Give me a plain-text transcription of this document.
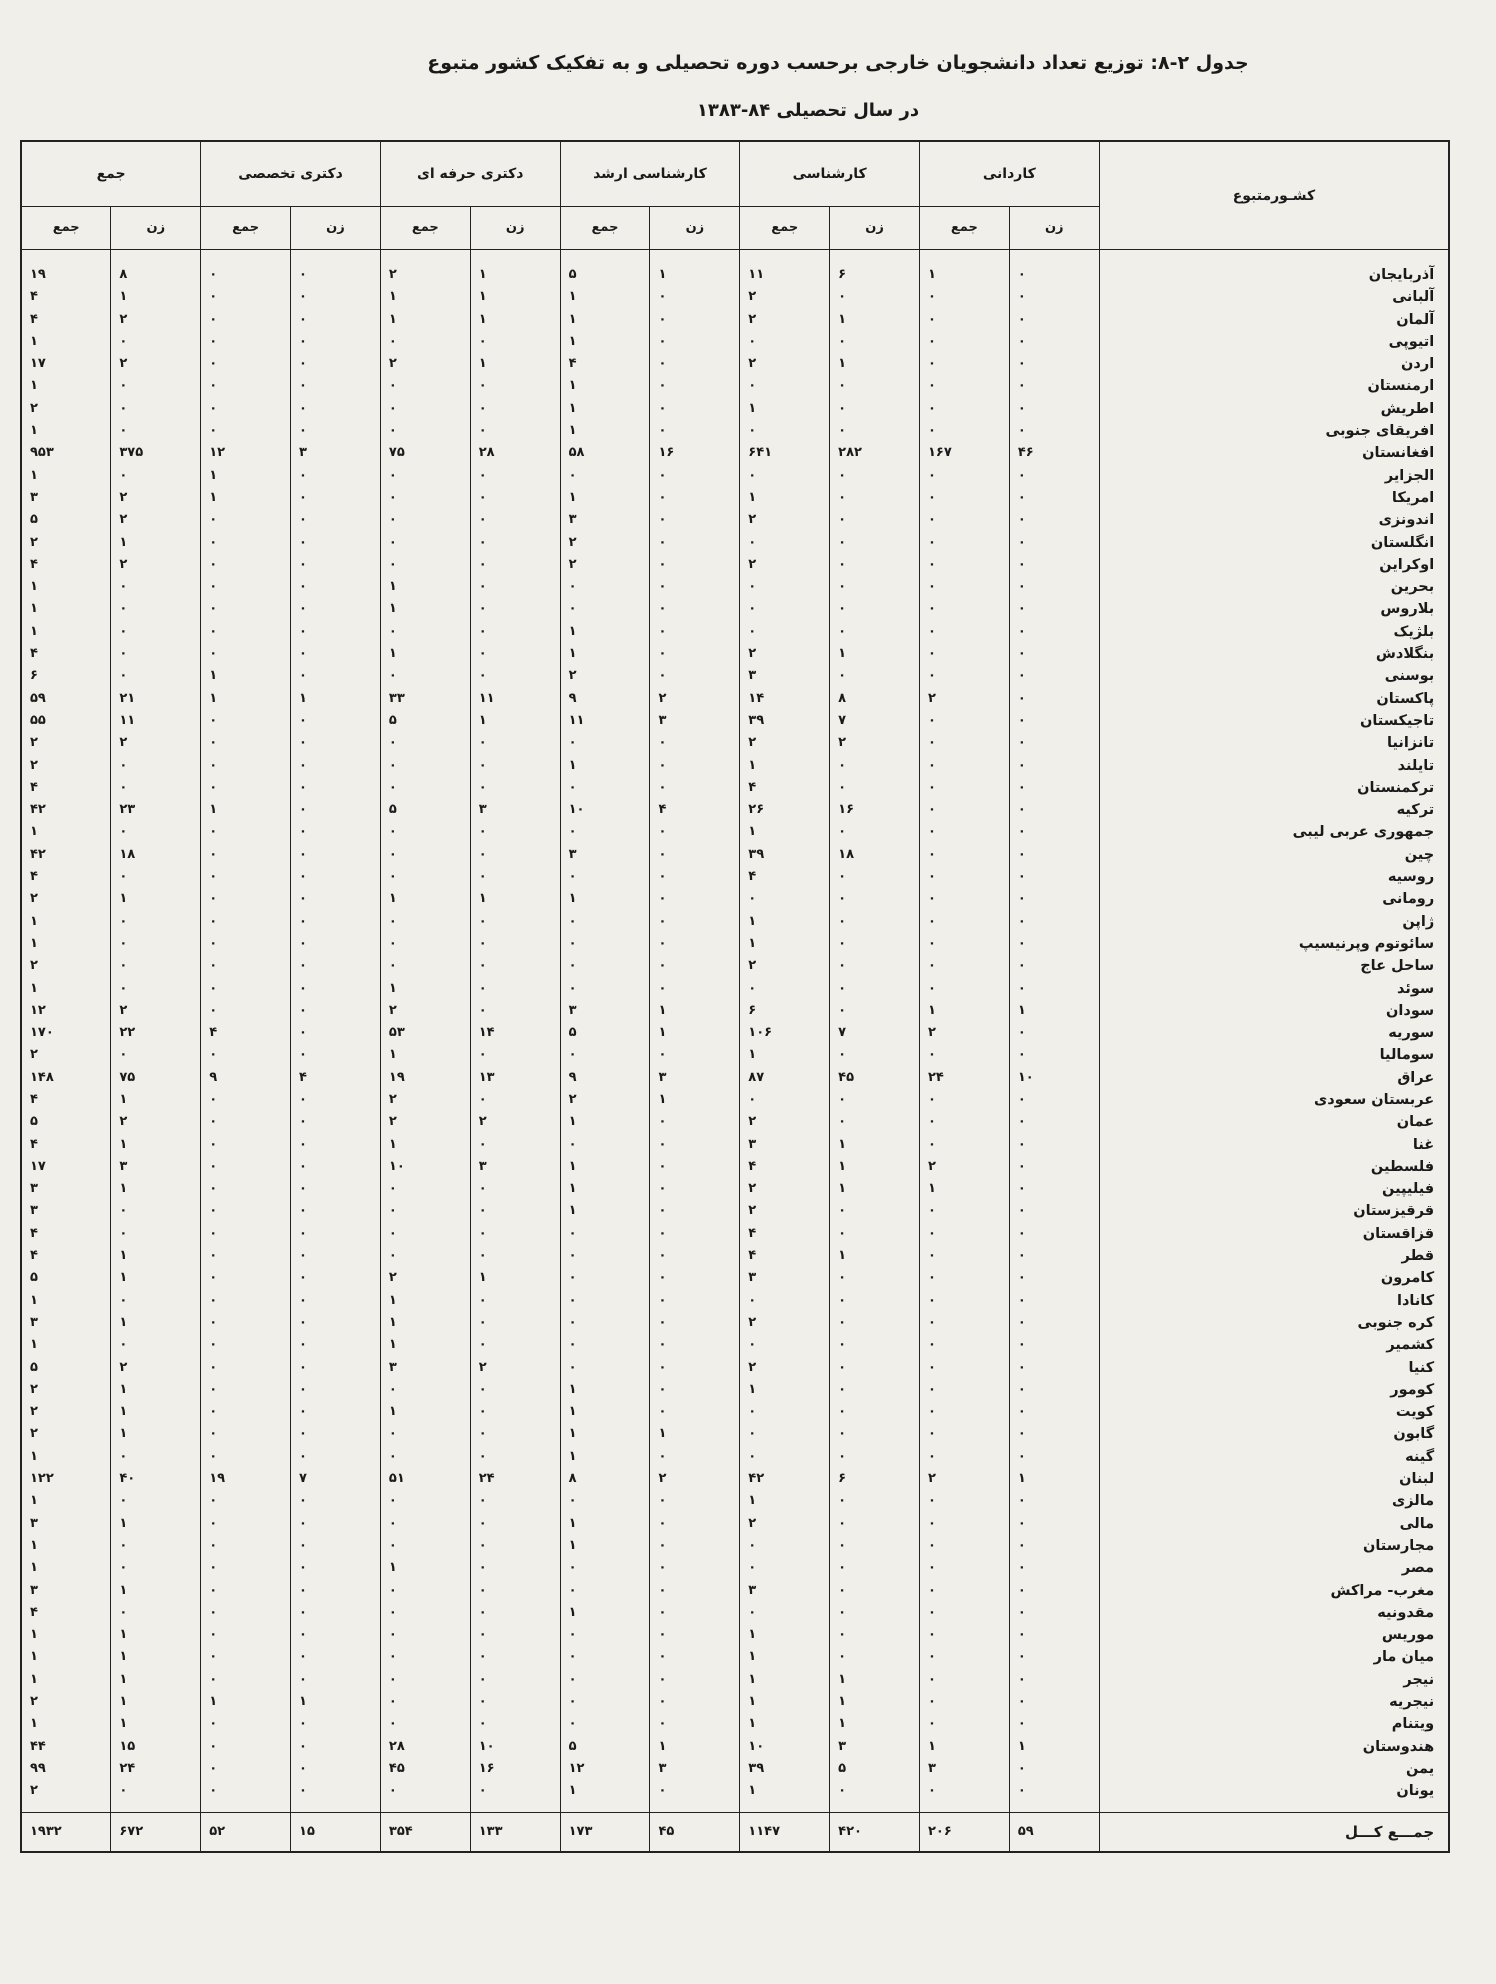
جدول ۲-۸: توزیع تعداد دانشجویان خارجی برحسب دوره تحصیلی و به تفکیک کشور متبوع
در سال تحصیلی ۸۴-۱۳۸۳
کشـورمتبوع	کاردانی		کارشناسی		کارشناسی ارشد		دکتری حرفه ای		دکتری تخصصی		جمع	
	زن	جمع	زن	جمع	زن	جمع	زن	جمع	زن	جمع	زن	جمع
آذربایجان	۰	۱	۶	۱۱	۱	۵	۱	۲	۰	۰	۸	۱۹
آلبانی	۰	۰	۰	۲	۰	۱	۱	۱	۰	۰	۱	۴
آلمان	۰	۰	۱	۲	۰	۱	۱	۱	۰	۰	۲	۴
اتیوپی	۰	۰	۰	۰	۰	۱	۰	۰	۰	۰	۰	۱
اردن	۰	۰	۱	۲	۰	۴	۱	۲	۰	۰	۲	۱۷
ارمنستان	۰	۰	۰	۰	۰	۱	۰	۰	۰	۰	۰	۱
اطریش	۰	۰	۰	۱	۰	۱	۰	۰	۰	۰	۰	۲
افریقای جنوبی	۰	۰	۰	۰	۰	۱	۰	۰	۰	۰	۰	۱
افغانستان	۴۶	۱۶۷	۲۸۲	۶۴۱	۱۶	۵۸	۲۸	۷۵	۳	۱۲	۳۷۵	۹۵۳
الجزایر	۰	۰	۰	۰	۰	۰	۰	۰	۰	۱	۰	۱
امریکا	۰	۰	۰	۱	۰	۱	۰	۰	۰	۱	۲	۳
اندونزی	۰	۰	۰	۲	۰	۳	۰	۰	۰	۰	۲	۵
انگلستان	۰	۰	۰	۰	۰	۲	۰	۰	۰	۰	۱	۲
اوکراین	۰	۰	۰	۲	۰	۲	۰	۰	۰	۰	۲	۴
بحرین	۰	۰	۰	۰	۰	۰	۰	۱	۰	۰	۰	۱
بلاروس	۰	۰	۰	۰	۰	۰	۰	۱	۰	۰	۰	۱
بلژیک	۰	۰	۰	۰	۰	۱	۰	۰	۰	۰	۰	۱
بنگلادش	۰	۰	۱	۲	۰	۱	۰	۱	۰	۰	۰	۴
بوسنی	۰	۰	۰	۳	۰	۲	۰	۰	۰	۱	۰	۶
پاکستان	۰	۲	۸	۱۴	۲	۹	۱۱	۳۳	۱	۱	۲۱	۵۹
تاجیکستان	۰	۰	۷	۳۹	۳	۱۱	۱	۵	۰	۰	۱۱	۵۵
تانزانیا	۰	۰	۲	۲	۰	۰	۰	۰	۰	۰	۲	۲
تایلند	۰	۰	۰	۱	۰	۱	۰	۰	۰	۰	۰	۲
ترکمنستان	۰	۰	۰	۴	۰	۰	۰	۰	۰	۰	۰	۴
ترکیه	۰	۰	۱۶	۲۶	۴	۱۰	۳	۵	۰	۱	۲۳	۴۲
جمهوری عربی لیبی	۰	۰	۰	۱	۰	۰	۰	۰	۰	۰	۰	۱
چین	۰	۰	۱۸	۳۹	۰	۳	۰	۰	۰	۰	۱۸	۴۲
روسیه	۰	۰	۰	۴	۰	۰	۰	۰	۰	۰	۰	۴
رومانی	۰	۰	۰	۰	۰	۱	۱	۱	۰	۰	۱	۲
ژاپن	۰	۰	۰	۱	۰	۰	۰	۰	۰	۰	۰	۱
سائوتوم وپرنیسیپ	۰	۰	۰	۱	۰	۰	۰	۰	۰	۰	۰	۱
ساحل عاج	۰	۰	۰	۲	۰	۰	۰	۰	۰	۰	۰	۲
سوئد	۰	۰	۰	۰	۰	۰	۰	۱	۰	۰	۰	۱
سودان	۱	۱	۰	۶	۱	۳	۰	۲	۰	۰	۲	۱۲
سوریه	۰	۲	۷	۱۰۶	۱	۵	۱۴	۵۳	۰	۴	۲۲	۱۷۰
سومالیا	۰	۰	۰	۱	۰	۰	۰	۱	۰	۰	۰	۲
عراق	۱۰	۲۴	۴۵	۸۷	۳	۹	۱۳	۱۹	۴	۹	۷۵	۱۴۸
عربستان سعودی	۰	۰	۰	۰	۱	۲	۰	۲	۰	۰	۱	۴
عمان	۰	۰	۰	۲	۰	۱	۲	۲	۰	۰	۲	۵
غنا	۰	۰	۱	۳	۰	۰	۰	۱	۰	۰	۱	۴
فلسطین	۰	۲	۱	۴	۰	۱	۳	۱۰	۰	۰	۳	۱۷
فیلیپین	۰	۱	۱	۲	۰	۱	۰	۰	۰	۰	۱	۳
قرقیزستان	۰	۰	۰	۲	۰	۱	۰	۰	۰	۰	۰	۳
قزاقستان	۰	۰	۰	۴	۰	۰	۰	۰	۰	۰	۰	۴
قطر	۰	۰	۱	۴	۰	۰	۰	۰	۰	۰	۱	۴
کامرون	۰	۰	۰	۳	۰	۰	۱	۲	۰	۰	۱	۵
کانادا	۰	۰	۰	۰	۰	۰	۰	۱	۰	۰	۰	۱
کره جنوبی	۰	۰	۰	۲	۰	۰	۰	۱	۰	۰	۱	۳
کشمیر	۰	۰	۰	۰	۰	۰	۰	۱	۰	۰	۰	۱
کنیا	۰	۰	۰	۲	۰	۰	۲	۳	۰	۰	۲	۵
کومور	۰	۰	۰	۱	۰	۱	۰	۰	۰	۰	۱	۲
کویت	۰	۰	۰	۰	۰	۱	۰	۱	۰	۰	۱	۲
گابون	۰	۰	۰	۰	۱	۱	۰	۰	۰	۰	۱	۲
گینه	۰	۰	۰	۰	۰	۱	۰	۰	۰	۰	۰	۱
لبنان	۱	۲	۶	۴۲	۲	۸	۲۴	۵۱	۷	۱۹	۴۰	۱۲۲
مالزی	۰	۰	۰	۱	۰	۰	۰	۰	۰	۰	۰	۱
مالی	۰	۰	۰	۲	۰	۱	۰	۰	۰	۰	۱	۳
مجارستان	۰	۰	۰	۰	۰	۱	۰	۰	۰	۰	۰	۱
مصر	۰	۰	۰	۰	۰	۰	۰	۱	۰	۰	۰	۱
مغرب- مراکش	۰	۰	۰	۳	۰	۰	۰	۰	۰	۰	۱	۳
مقدونیه	۰	۰	۰	۰	۰	۱	۰	۰	۰	۰	۰	۴
موریس	۰	۰	۰	۱	۰	۰	۰	۰	۰	۰	۱	۱
میان مار	۰	۰	۰	۱	۰	۰	۰	۰	۰	۰	۱	۱
نیجر	۰	۰	۱	۱	۰	۰	۰	۰	۰	۰	۱	۱
نیجریه	۰	۰	۱	۱	۰	۰	۰	۰	۱	۱	۱	۲
ویتنام	۰	۰	۱	۱	۰	۰	۰	۰	۰	۰	۱	۱
هندوستان	۱	۱	۳	۱۰	۱	۵	۱۰	۲۸	۰	۰	۱۵	۴۴
یمن	۰	۳	۵	۳۹	۳	۱۲	۱۶	۴۵	۰	۰	۲۴	۹۹
یونان	۰	۰	۰	۱	۰	۱	۰	۰	۰	۰	۰	۲
جمـــع کـــل	۵۹	۲۰۶	۴۲۰	۱۱۴۷	۴۵	۱۷۳	۱۳۳	۳۵۴	۱۵	۵۲	۶۷۲	۱۹۳۲
